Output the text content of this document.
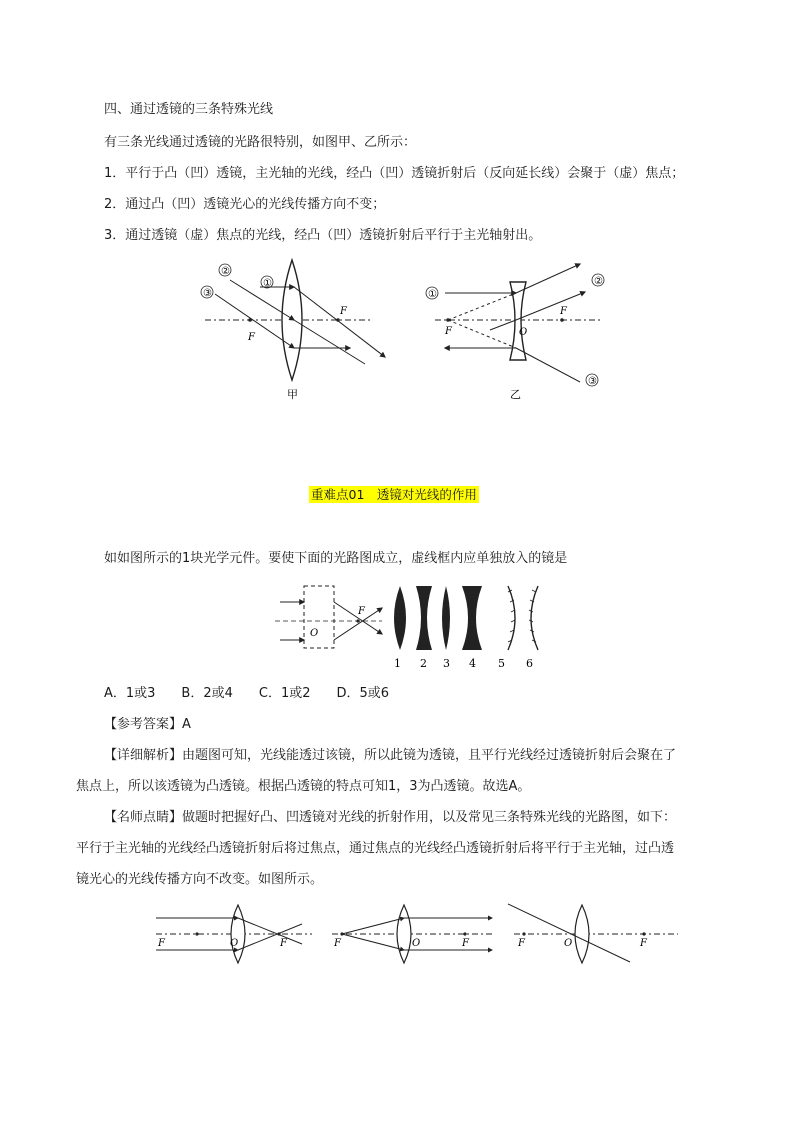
四、通过透镜的三条特殊光线
有三条光线通过透镜的光路很特别，如图甲、乙所示：
1．平行于凸（凹）透镜，主光轴的光线，经凸（凹）透镜折射后（反向延长线）会聚于（虚）焦点；
2．通过凸（凹）透镜光心的光线传播方向不变；
3．通过透镜（虚）焦点的光线，经凸（凹）透镜折射后平行于主光轴射出。
F
F
①
②
③
甲
F
F
O
①
②
③
乙
重难点01　透镜对光线的作用
如如图所示的1块光学元件。要使下面的光路图成立，虚线框内应单独放入的镜是
F
O
1 2 3 4 5 6
A．1或3　　B．2或4　　C．1或2　　D．5或6
【参考答案】A
【详细解析】由题图可知，光线能透过该镜，所以此镜为透镜，且平行光线经过透镜折射后会聚在了
焦点上，所以该透镜为凸透镜。根据凸透镜的特点可知1，3为凸透镜。故选A。
【名师点睛】做题时把握好凸、凹透镜对光线的折射作用，以及常见三条特殊光线的光路图，如下：
平行于主光轴的光线经凸透镜折射后将过焦点，通过焦点的光线经凸透镜折射后将平行于主光轴，过凸透
镜光心的光线传播方向不改变。如图所示。
F	O	F	F	O	F	F	O	F
